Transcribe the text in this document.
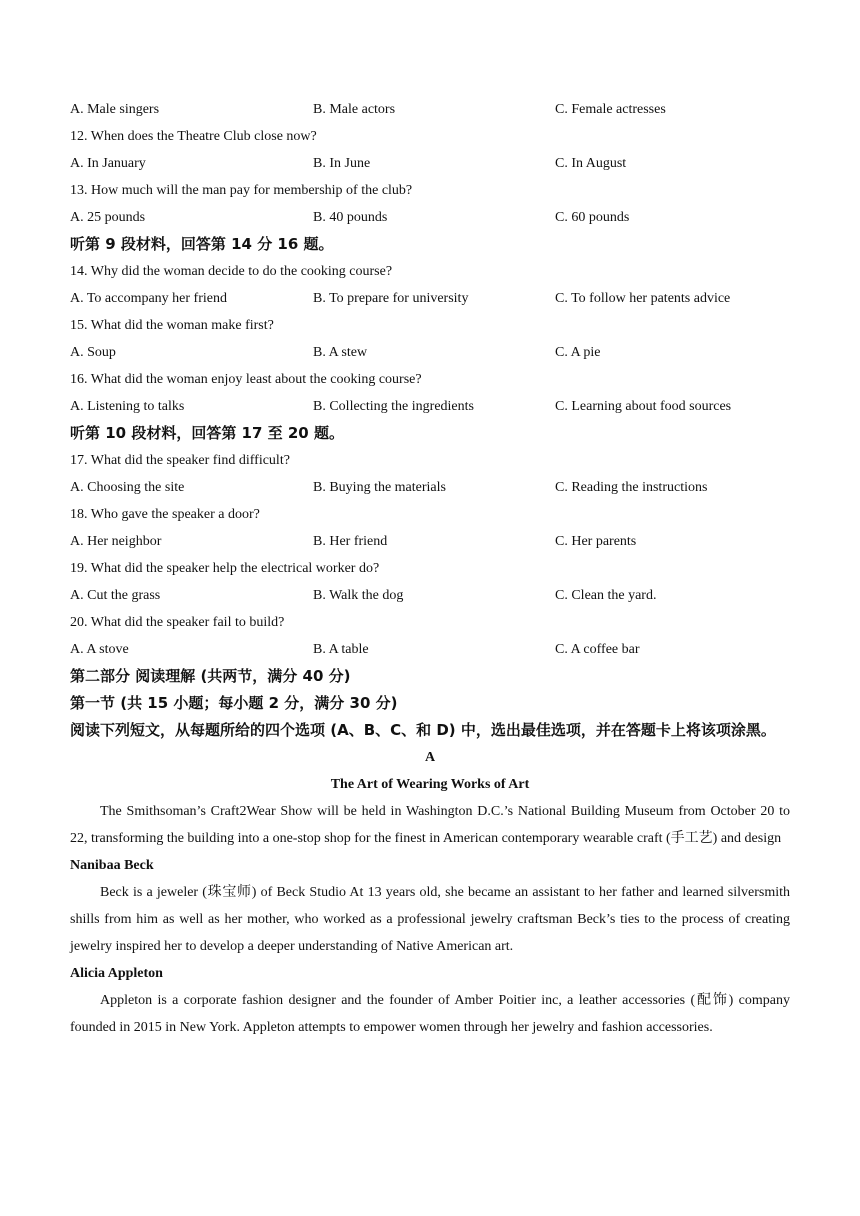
A. Male singers	B. Male actors	C. Female actresses
12. When does the Theatre Club close now?
A. In January	B. In June	C. In August
13. How much will the man pay for membership of the club?
A. 25 pounds	B. 40 pounds	C. 60 pounds
听第 9 段材料，回答第 14 分 16 题。
14. Why did the woman decide to do the cooking course?
A. To accompany her friend	B. To prepare for university	C. To follow her patents advice
15. What did the woman make first?
A. Soup	B. A stew	C. A pie
16. What did the woman enjoy least about the cooking course?
A. Listening to talks	B. Collecting the ingredients	C. Learning about food sources
听第 10 段材料，回答第 17 至 20 题。
17. What did the speaker find difficult?
A. Choosing the site	B. Buying the materials	C. Reading the instructions
18. Who gave the speaker a door?
A. Her neighbor	B. Her friend	C. Her parents
19. What did the speaker help the electrical worker do?
A. Cut the grass	B. Walk the dog	C. Clean the yard.
20. What did the speaker fail to build?
A. A stove	B. A table	C. A coffee bar
第二部分 阅读理解 (共两节，满分 40 分)
第一节 (共 15 小题；每小题 2 分，满分 30 分)
阅读下列短文，从每题所给的四个选项 (A、B、C、和 D) 中，选出最佳选项，并在答题卡上将该项涂黑。
A
The Art of Wearing Works of Art
The Smithsoman’s Craft2Wear Show will be held in Washington D.C.’s National Building Museum from October 20 to 22, transforming the building into a one-stop shop for the finest in American contemporary wearable craft (手工艺) and design
Nanibaa Beck
Beck is a jeweler (珠宝师) of Beck Studio At 13 years old, she became an assistant to her father and learned silversmith shills from him as well as her mother, who worked as a professional jewelry craftsman Beck’s ties to the process of creating jewelry inspired her to develop a deeper understanding of Native American art.
Alicia Appleton
Appleton is a corporate fashion designer and the founder of Amber Poitier inc, a leather accessories (配饰) company founded in 2015 in New York. Appleton attempts to empower women through her jewelry and fashion accessories.
